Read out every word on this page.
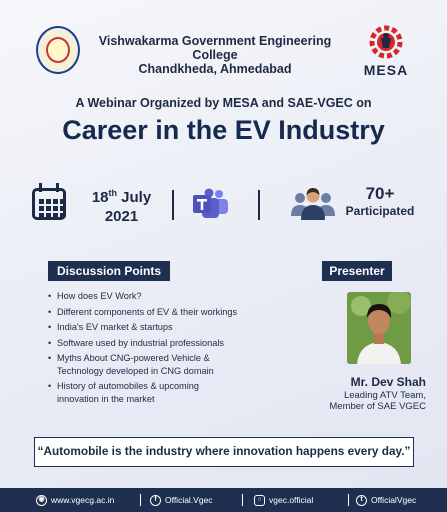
Vishwakarma Government Engineering College
Chandkheda, Ahmedabad	MESA
A Webinar Organized by MESA and SAE-VGEC on
Career in the EV Industry
18th July
2021
70+
Participated
Discussion Points	Presenter
• How does EV Work?
• Different components of EV & their workings
• India's EV market & startups
• Software used by industrial professionals
• Myths About CNG-powered Vehicle &
Technology developed in CNG domain
• History of automobiles & upcoming
innovation in the market
Mr. Dev Shah
Leading ATV Team,
Member of SAE VGEC
“Automobile is the industry where innovation happens every day.”
◉ www.vgecg.ac.in	f Official.Vgec	○ vgec.official	t OfficialVgec
